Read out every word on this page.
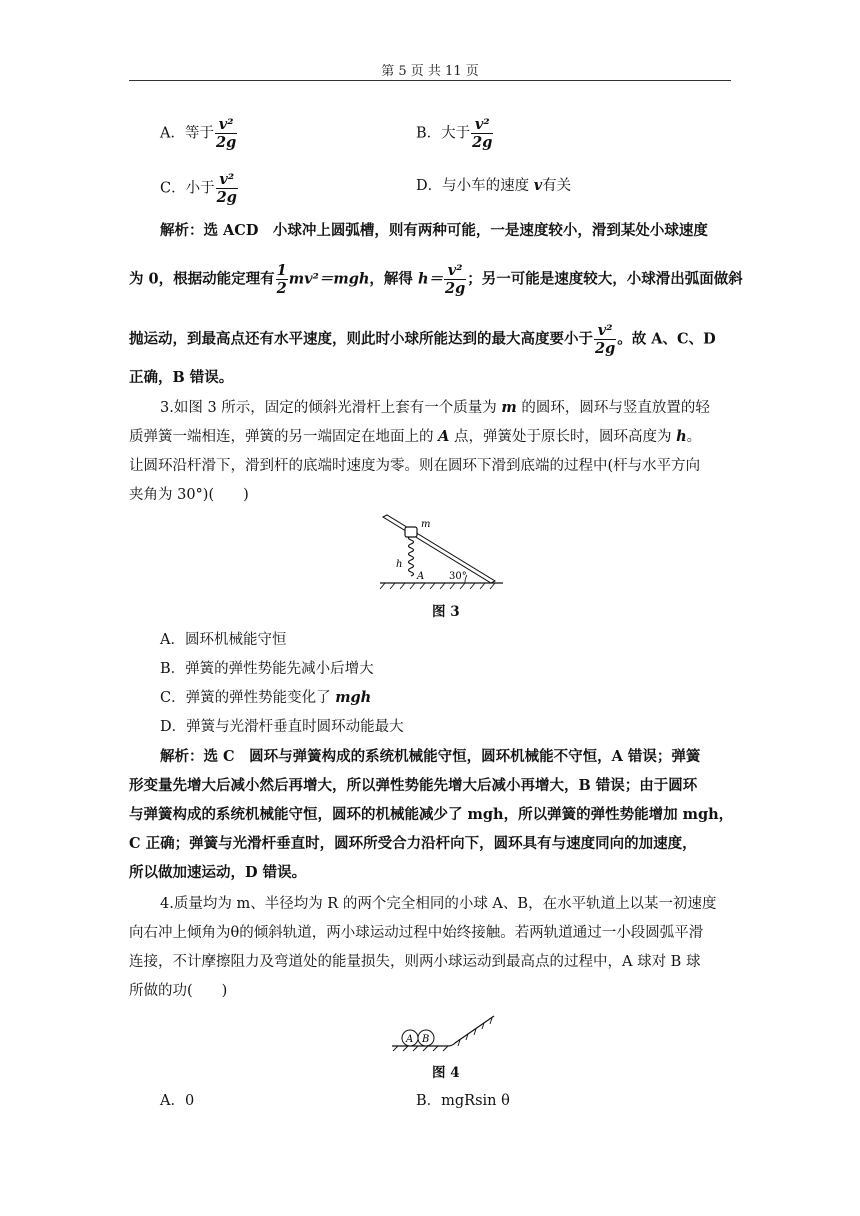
第 5 页 共 11 页
A．等于 $\frac{\text{v²}}{2g}$	B．大于 $\frac{\text{v²}}{2g}$
C．小于 $\frac{\text{v²}}{2g}$	D．与小车的速度 v有关
解析：选 ACD　小球冲上圆弧槽，则有两种可能，一是速度较小，滑到某处小球速度
为 0，根据动能定理有 $\frac{1}{2} mv^2=mgh$，解得 $h= \frac{\text{v²}}{2g}$ ；另一可能是速度较大，小球滑出弧面做斜
抛运动，到最高点还有水平速度，则此时小球所能达到的最大高度要小于 $\frac{\text{v²}}{2g}$ 。故 A、C、D
正确，B 错误。
3.如图 3 所示，固定的倾斜光滑杆上套有一个质量为 m 的圆环，圆环与竖直放置的轻
质弹簧一端相连，弹簧的另一端固定在地面上的 A 点，弹簧处于原长时，圆环高度为 h。
让圆环沿杆滑下，滑到杆的底端时速度为零。则在圆环下滑到底端的过程中(杆与水平方向
夹角为 30°)(　　)
m
h
A 30°
图 3
A．圆环机械能守恒
B．弹簧的弹性势能先减小后增大
C．弹簧的弹性势能变化了 mgh
D．弹簧与光滑杆垂直时圆环动能最大
解析：选 C　圆环与弹簧构成的系统机械能守恒，圆环机械能不守恒，A 错误；弹簧
形变量先增大后减小然后再增大，所以弹性势能先增大后减小再增大，B 错误；由于圆环
与弹簧构成的系统机械能守恒，圆环的机械能减少了 mgh，所以弹簧的弹性势能增加 mgh，
C 正确；弹簧与光滑杆垂直时，圆环所受合力沿杆向下，圆环具有与速度同向的加速度，
所以做加速运动，D 错误。
4.质量均为 m、半径均为 R 的两个完全相同的小球 A、B，在水平轨道上以某一初速度
向右冲上倾角为θ的倾斜轨道，两小球运动过程中始终接触。若两轨道通过一小段圆弧平滑
连接，不计摩擦阻力及弯道处的能量损失，则两小球运动到最高点的过程中，A 球对 B 球
所做的功(　　)
A B
图 4
A．0	B．mgRsin θ
